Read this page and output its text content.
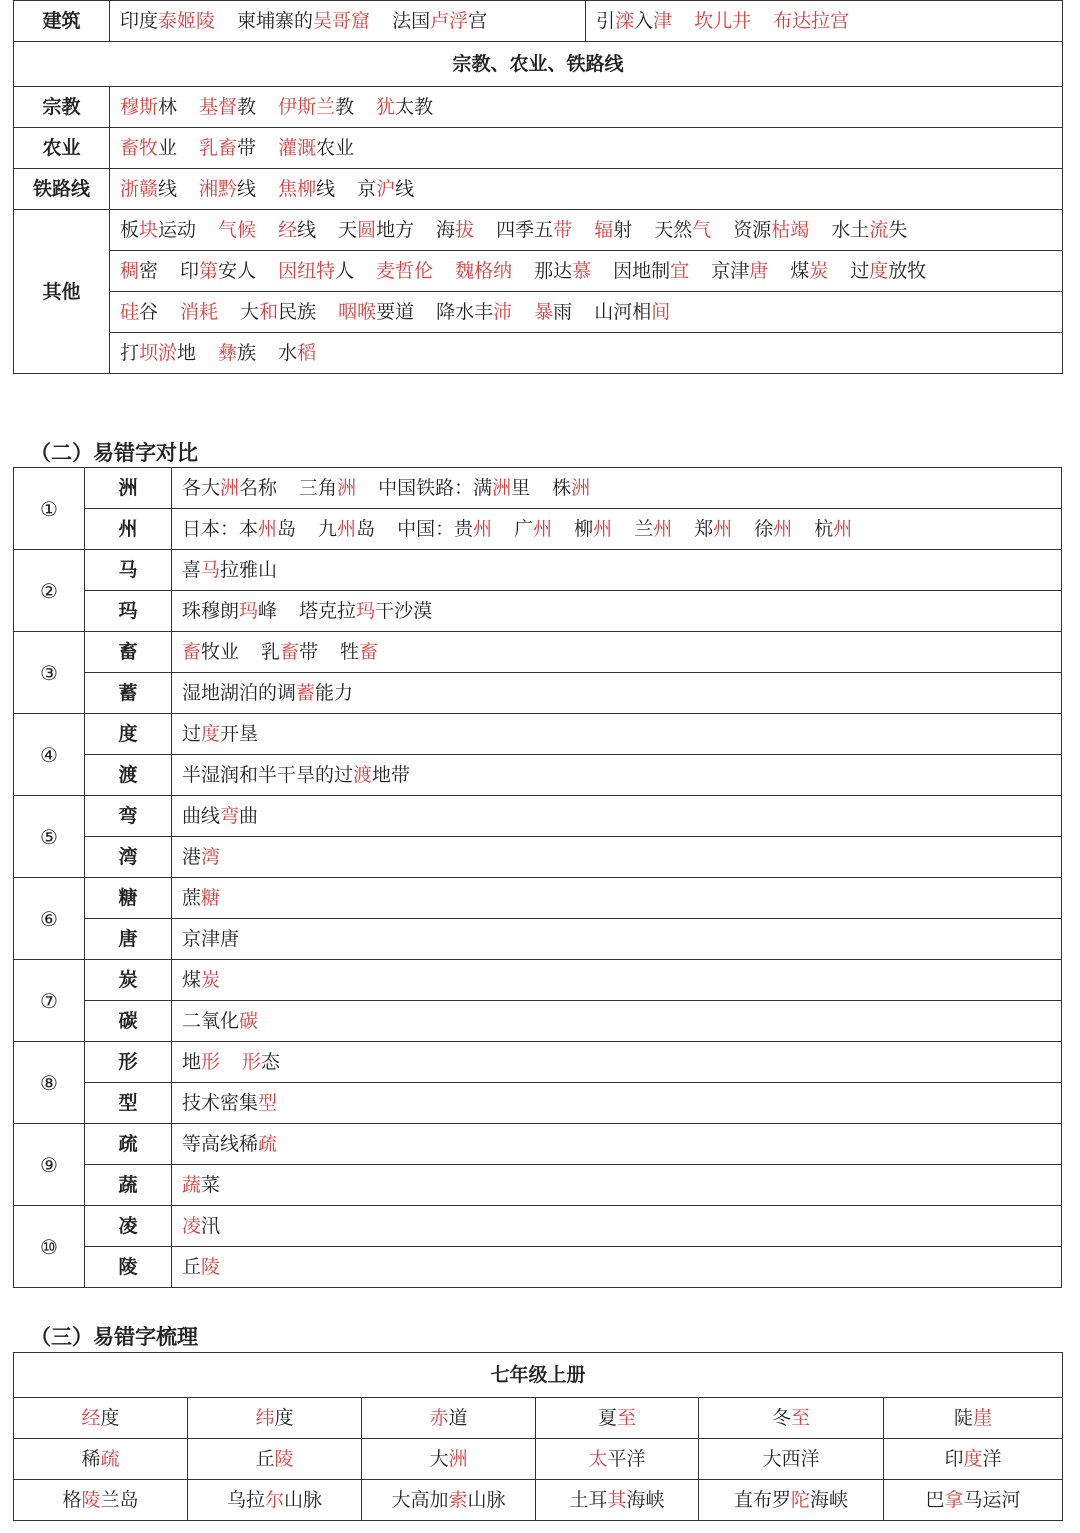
建筑	印度泰姬陵 柬埔寨的吴哥窟 法国卢浮宫	引滦入津 坎儿井 布达拉宫
宗教、农业、铁路线		
宗教	穆斯林 基督教 伊斯兰教 犹太教	
农业	畜牧业 乳畜带 灌溉农业	
铁路线	浙赣线 湘黔线 焦柳线 京沪线	
其他	板块运动 气候 经线 天圆地方 海拔 四季五带 辐射 天然气 资源枯竭 水土流失	
	稠密 印第安人 因纽特人 麦哲伦 魏格纳 那达慕 因地制宜 京津唐 煤炭 过度放牧	
	硅谷 消耗 大和民族 咽喉要道 降水丰沛 暴雨 山河相间	
	打坝淤地 彝族 水稻	
（二）易错字对比
①	洲	各大洲名称 三角洲 中国铁路：满洲里 株洲
	州	日本：本州岛 九州岛 中国：贵州 广州 柳州 兰州 郑州 徐州 杭州
②	马	喜马拉雅山
	玛	珠穆朗玛峰 塔克拉玛干沙漠
③	畜	畜牧业 乳畜带 牲畜
	蓄	湿地湖泊的调蓄能力
④	度	过度开垦
	渡	半湿润和半干旱的过渡地带
⑤	弯	曲线弯曲
	湾	港湾
⑥	糖	蔗糖
	唐	京津唐
⑦	炭	煤炭
	碳	二氧化碳
⑧	形	地形 形态
	型	技术密集型
⑨	疏	等高线稀疏
	蔬	蔬菜
⑩	凌	凌汛
	陵	丘陵
（三）易错字梳理
七年级上册					
经度	纬度	赤道	夏至	冬至	陡崖
稀疏	丘陵	大洲	太平洋	大西洋	印度洋
格陵兰岛	乌拉尔山脉	大高加索山脉	土耳其海峡	直布罗陀海峡	巴拿马运河
